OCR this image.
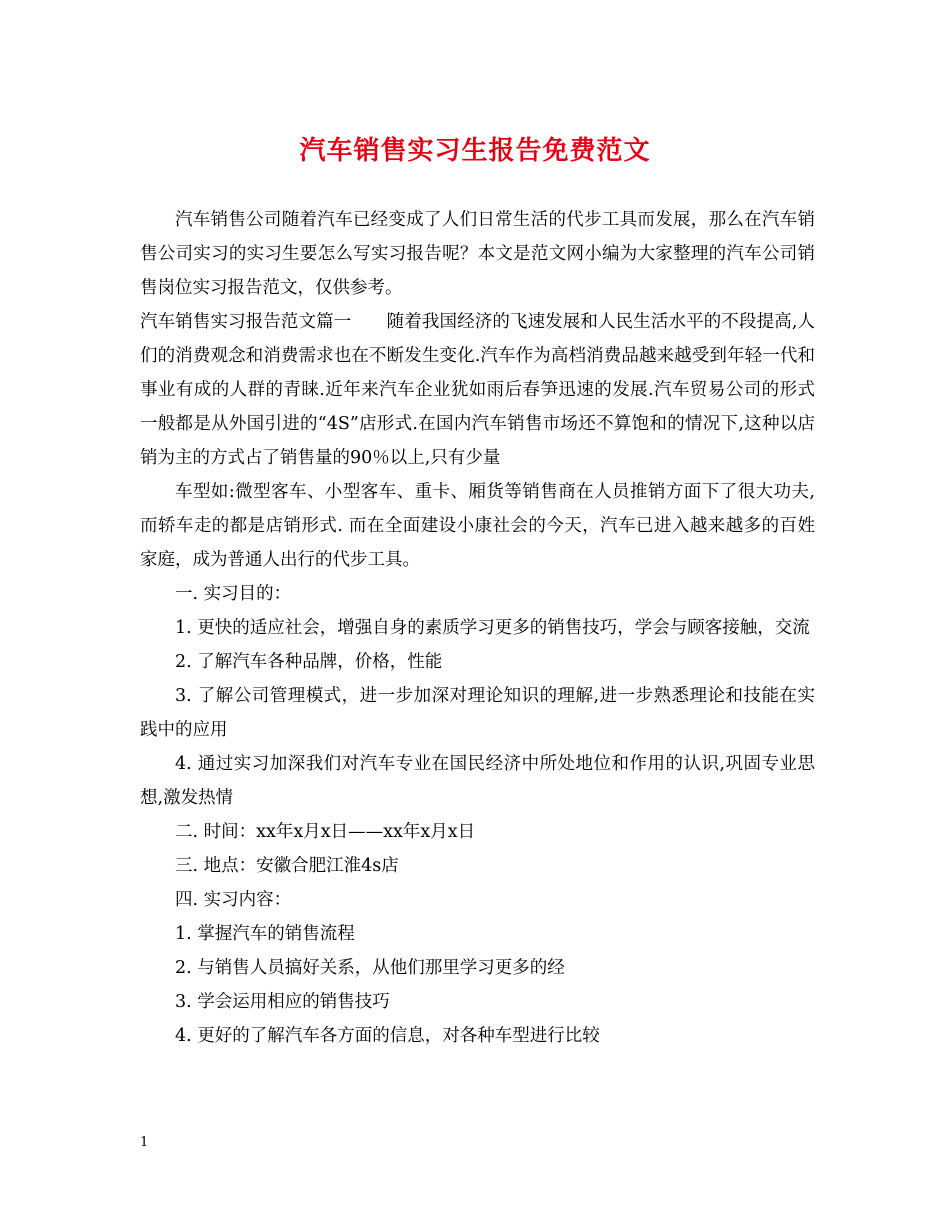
汽车销售实习生报告免费范文

汽车销售公司随着汽车已经变成了人们日常生活的代步工具而发展，那么在汽车销售公司实习的实习生要怎么写实习报告呢？本文是范文网小编为大家整理的汽车公司销售岗位实习报告范文，仅供参考。

汽车销售实习报告范文篇一　　随着我国经济的飞速发展和人民生活水平的不段提高,人们的消费观念和消费需求也在不断发生变化.汽车作为高档消费品越来越受到年轻一代和事业有成的人群的青睐.近年来汽车企业犹如雨后春笋迅速的发展.汽车贸易公司的形式一般都是从外国引进的“4S”店形式.在国内汽车销售市场还不算饱和的情况下,这种以店销为主的方式占了销售量的90％以上,只有少量

车型如:微型客车、小型客车、重卡、厢货等销售商在人员推销方面下了很大功夫,而轿车走的都是店销形式. 而在全面建设小康社会的今天，汽车已进入越来越多的百姓家庭，成为普通人出行的代步工具。

一. 实习目的：

1. 更快的适应社会，增强自身的素质学习更多的销售技巧，学会与顾客接触，交流

2. 了解汽车各种品牌，价格，性能

3. 了解公司管理模式，进一步加深对理论知识的理解,进一步熟悉理论和技能在实践中的应用

4. 通过实习加深我们对汽车专业在国民经济中所处地位和作用的认识,巩固专业思想,激发热情

二. 时间：xx年x月x日——xx年x月x日

三. 地点：安徽合肥江淮4s店

四. 实习内容：

1. 掌握汽车的销售流程

2. 与销售人员搞好关系，从他们那里学习更多的经

3. 学会运用相应的销售技巧

4. 更好的了解汽车各方面的信息，对各种车型进行比较

1
